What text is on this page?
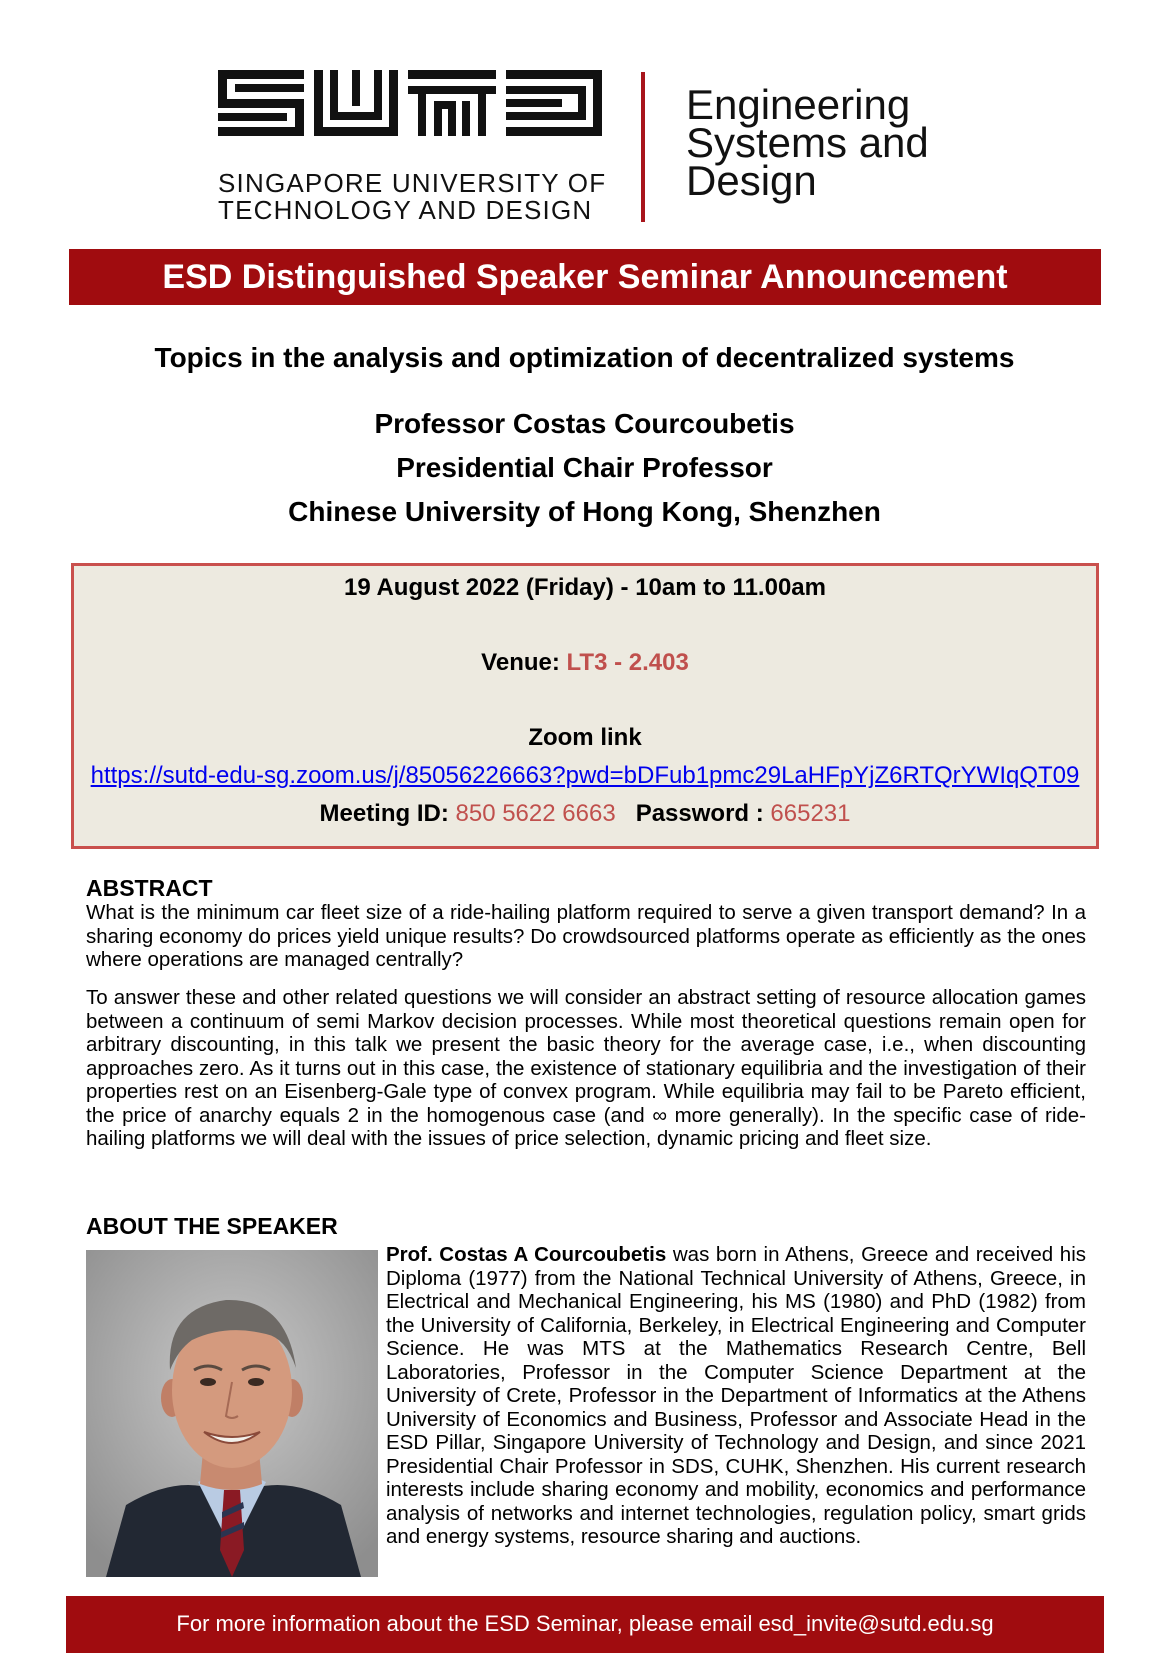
SINGAPORE UNIVERSITY OF
TECHNOLOGY AND DESIGN
Engineering
Systems and
Design
ESD Distinguished Speaker Seminar Announcement
Topics in the analysis and optimization of decentralized systems
Professor Costas Courcoubetis
Presidential Chair Professor
Chinese University of Hong Kong, Shenzhen
19 August 2022 (Friday) - 10am to 11.00am
Venue: LT3 - 2.403
Zoom link
https://sutd-edu-sg.zoom.us/j/85056226663?pwd=bDFub1pmc29LaHFpYjZ6RTQrYWIqQT09
Meeting ID: 850 5622 6663 Password : 665231
ABSTRACT

What is the minimum car fleet size of a ride-hailing platform required to serve a given transport demand? In a sharing economy do prices yield unique results? Do crowdsourced platforms operate as efficiently as the ones where operations are managed centrally?

To answer these and other related questions we will consider an abstract setting of resource allocation games between a continuum of semi Markov decision processes. While most theoretical questions remain open for arbitrary discounting, in this talk we present the basic theory for the average case, i.e., when discounting approaches zero. As it turns out in this case, the existence of stationary equilibria and the investigation of their properties rest on an Eisenberg-Gale type of convex program. While equilibria may fail to be Pareto efficient, the price of anarchy equals 2 in the homogenous case (and ∞ more generally). In the specific case of ride-hailing platforms we will deal with the issues of price selection, dynamic pricing and fleet size.

ABOUT THE SPEAKER

Prof. Costas A Courcoubetis was born in Athens, Greece and received his Diploma (1977) from the National Technical University of Athens, Greece, in Electrical and Mechanical Engineering, his MS (1980) and PhD (1982) from the University of California, Berkeley, in Electrical Engineering and Computer Science. He was MTS at the Mathematics Research Centre, Bell Laboratories, Professor in the Computer Science Department at the University of Crete, Professor in the Department of Informatics at the Athens University of Economics and Business, Professor and Associate Head in the ESD Pillar, Singapore University of Technology and Design, and since 2021 Presidential Chair Professor in SDS, CUHK, Shenzhen. His current research interests include sharing economy and mobility, economics and performance analysis of networks and internet technologies, regulation policy, smart grids and energy systems, resource sharing and auctions.

For more information about the ESD Seminar, please email esd_invite@sutd.edu.sg
